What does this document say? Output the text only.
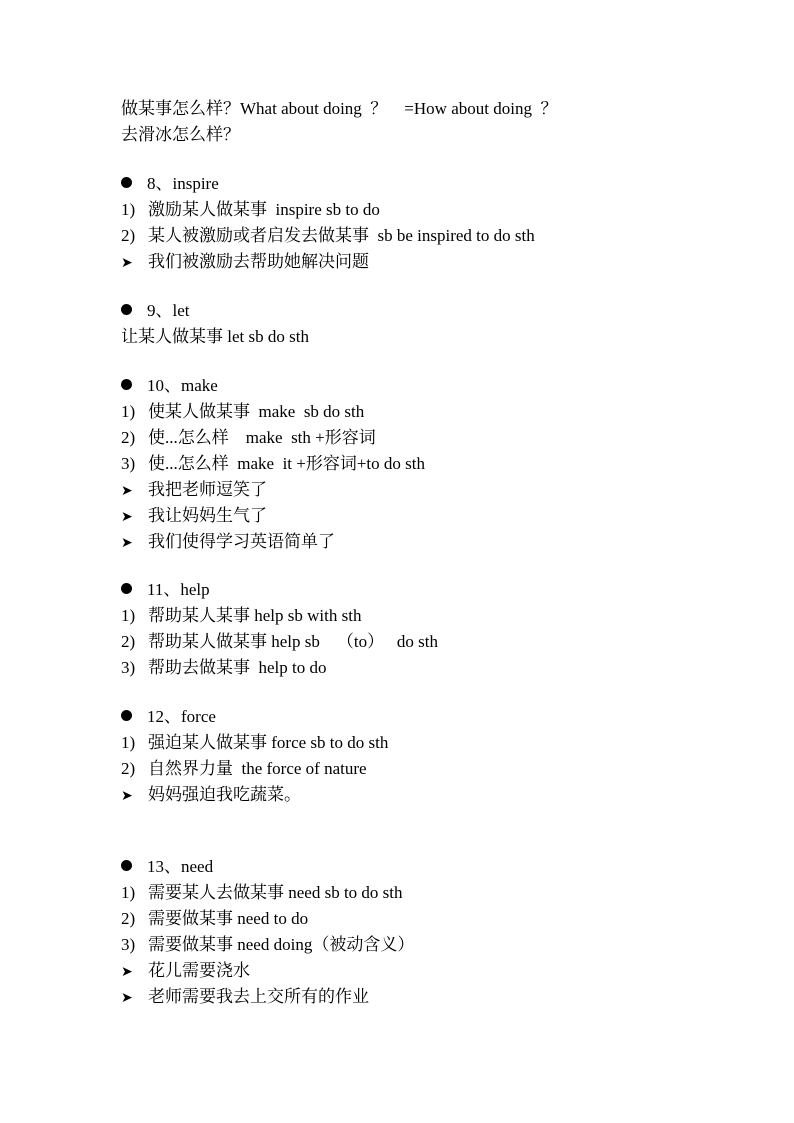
做某事怎么样？What about doing  ？    =How about doing  ？
去滑冰怎么样？
8、inspire
1) 激励某人做某事  inspire sb to do
2) 某人被激励或者启发去做某事  sb be inspired to do sth
➤ 我们被激励去帮助她解决问题
9、let
让某人做某事 let sb do sth
10、make
1) 使某人做某事  make  sb do sth
2) 使...怎么样    make  sth +形容词
3) 使...怎么样  make  it +形容词+to do sth
➤ 我把老师逗笑了
➤ 我让妈妈生气了
➤ 我们使得学习英语简单了
11、help
1) 帮助某人某事 help sb with sth
2) 帮助某人做某事 help sb    （to）   do sth
3) 帮助去做某事  help to do
12、force
1) 强迫某人做某事 force sb to do sth
2) 自然界力量  the force of nature
➤ 妈妈强迫我吃蔬菜。
13、need
1) 需要某人去做某事 need sb to do sth
2) 需要做某事 need to do
3) 需要做某事 need doing（被动含义）
➤ 花儿需要浇水
➤ 老师需要我去上交所有的作业
